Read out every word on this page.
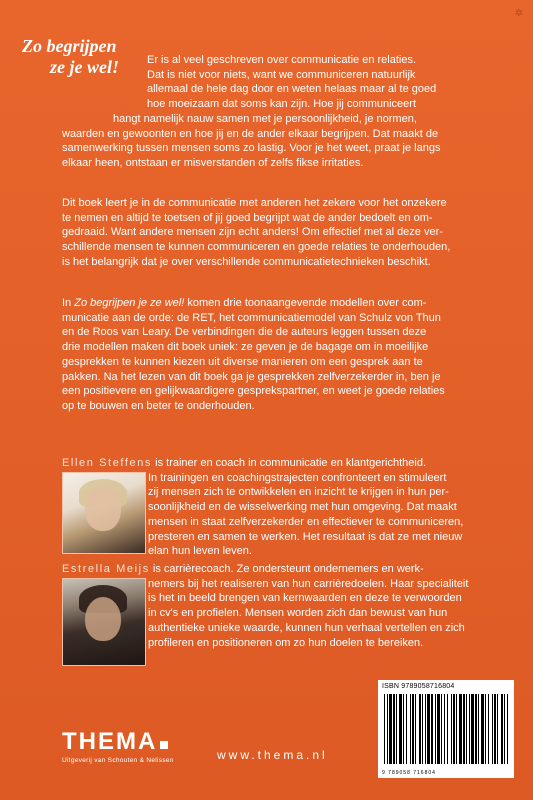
✲
Zo begrijpen
ze je wel!	Er is al veel geschreven over communicatie en relaties.

Dat is niet voor niets, want we communiceren natuurlijk

allemaal de hele dag door en weten helaas maar al te goed

hoe moeizaam dat soms kan zijn. Hoe jij communiceert

hangt namelijk nauw samen met je persoonlijkheid, je normen,

waarden en gewoonten en hoe jij en de ander elkaar begrijpen. Dat maakt de

samenwerking tussen mensen soms zo lastig. Voor je het weet, praat je langs

elkaar heen, ontstaan er misverstanden of zelfs fikse irritaties.

Dit boek leert je in de communicatie met anderen het zekere voor het onzekere

te nemen en altijd te toetsen of jij goed begrijpt wat de ander bedoelt en om-

gedraaid. Want andere mensen zijn echt anders! Om effectief met al deze ver-

schillende mensen te kunnen communiceren en goede relaties te onderhouden,

is het belangrijk dat je over verschillende communicatietechnieken beschikt.

In Zo begrijpen je ze wel! komen drie toonaangevende modellen over com-

municatie aan de orde: de RET, het communicatiemodel van Schulz von Thun

en de Roos van Leary. De verbindingen die de auteurs leggen tussen deze

drie modellen maken dit boek uniek: ze geven je de bagage om in moeilijke

gesprekken te kunnen kiezen uit diverse manieren om een gesprek aan te

pakken. Na het lezen van dit boek ga je gesprekken zelfverzekerder in, ben je

een positievere en gelijkwaardigere gesprekspartner, en weet je goede relaties

op te bouwen en beter te onderhouden.

Ellen Steffens is trainer en coach in communicatie en klantgerichtheid.

In trainingen en coachingstrajecten confronteert en stimuleert

zij mensen zich te ontwikkelen en inzicht te krijgen in hun per-

soonlijkheid en de wisselwerking met hun omgeving. Dat maakt

mensen in staat zelfverzekerder en effectiever te communiceren,

presteren en samen te werken. Het resultaat is dat ze met nieuw

elan hun leven leven.

Estrella Meijs is carrièrecoach. Ze ondersteunt ondernemers en werk-

nemers bij het realiseren van hun carrièredoelen. Haar specialiteit

is het in beeld brengen van kernwaarden en deze te verwoorden

in cv's en profielen. Mensen worden zich dan bewust van hun

authentieke unieke waarde, kunnen hun verhaal vertellen en zich

profileren en positioneren om zo hun doelen te bereiken.

ISBN 9789058716804
9 789058 716804
THEMA
Uitgeverij van Schouten & Nelissen	www.thema.nl
